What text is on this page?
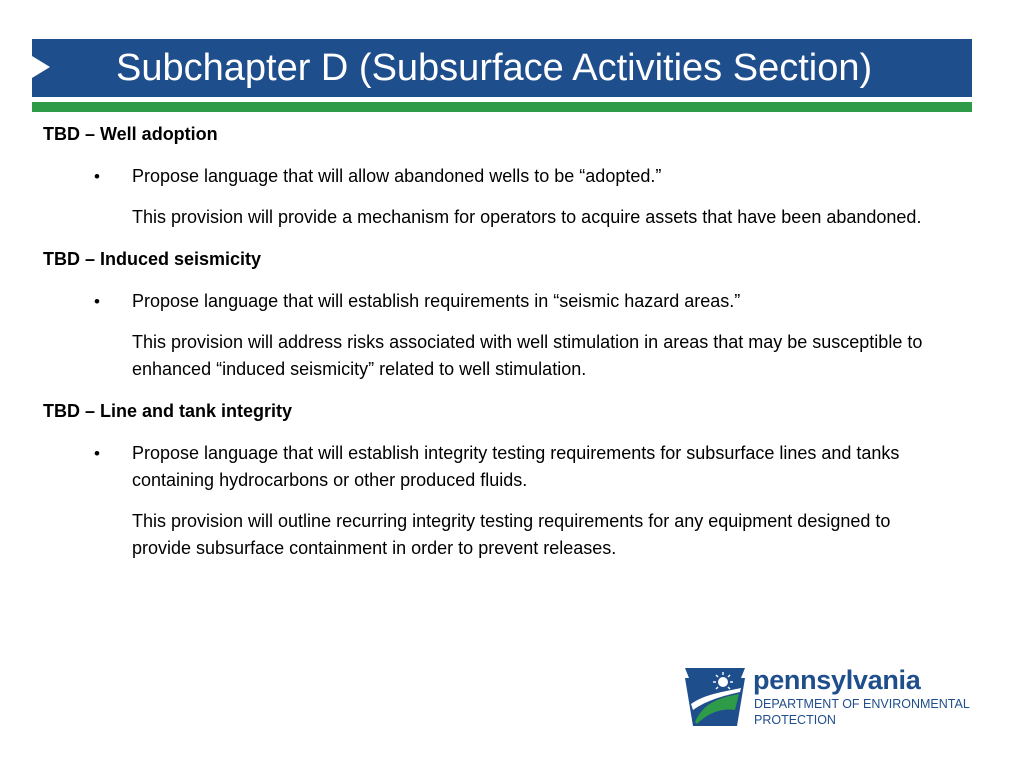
Subchapter D (Subsurface Activities Section)
TBD – Well adoption
•	Propose language that will allow abandoned wells to be “adopted.”
This provision will provide a mechanism for operators to acquire assets that have been abandoned.
TBD – Induced seismicity
•	Propose language that will establish requirements in “seismic hazard areas.”
This provision will address risks associated with well stimulation in areas that may be susceptible to enhanced “induced seismicity” related to well stimulation.
TBD – Line and tank integrity
•	Propose language that will establish integrity testing requirements for subsurface lines and tanks containing hydrocarbons or other produced fluids.
This provision will outline recurring integrity testing requirements for any equipment designed to provide subsurface containment in order to prevent releases.
pennsylvania
DEPARTMENT OF ENVIRONMENTAL
PROTECTION
